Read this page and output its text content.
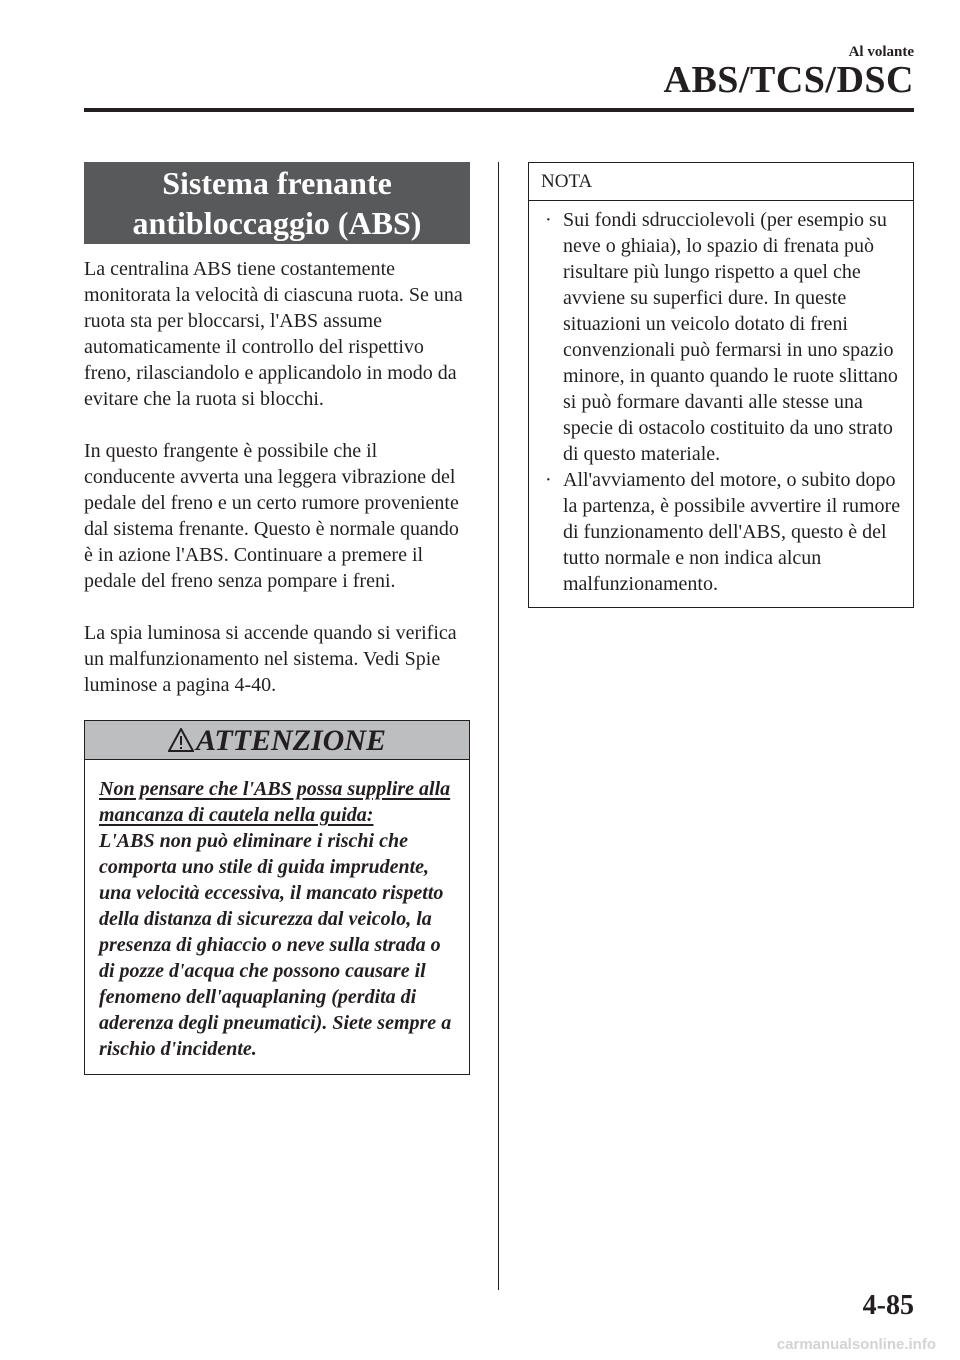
Al volante
ABS/TCS/DSC
Sistema frenante
antibloccaggio (ABS)

La centralina ABS tiene costantemente monitorata la velocità di ciascuna ruota. Se una ruota sta per bloccarsi, l'ABS assume automaticamente il controllo del rispettivo freno, rilasciandolo e applicandolo in modo da evitare che la ruota si blocchi.

In questo frangente è possibile che il conducente avverta una leggera vibrazione del pedale del freno e un certo rumore proveniente dal sistema frenante. Questo è normale quando è in azione l'ABS. Continuare a premere il pedale del freno senza pompare i freni.

La spia luminosa si accende quando si verifica un malfunzionamento nel sistema. Vedi Spie luminose a pagina 4-40.

ATTENZIONE

Non pensare che l'ABS possa supplire alla mancanza di cautela nella guida:

L'ABS non può eliminare i rischi che comporta uno stile di guida imprudente, una velocità eccessiva, il mancato rispetto della distanza di sicurezza dal veicolo, la presenza di ghiaccio o neve sulla strada o di pozze d'acqua che possono causare il fenomeno dell'aquaplaning (perdita di aderenza degli pneumatici). Siete sempre a rischio d'incidente.

NOTA
· Sui fondi sdrucciolevoli (per esempio su neve o ghiaia), lo spazio di frenata può risultare più lungo rispetto a quel che avviene su superfici dure. In queste situazioni un veicolo dotato di freni convenzionali può fermarsi in uno spazio minore, in quanto quando le ruote slittano si può formare davanti alle stesse una specie di ostacolo costituito da uno strato di questo materiale.
· All'avviamento del motore, o subito dopo la partenza, è possibile avvertire il rumore di funzionamento dell'ABS, questo è del tutto normale e non indica alcun malfunzionamento.
4-85
carmanualsonline.info
